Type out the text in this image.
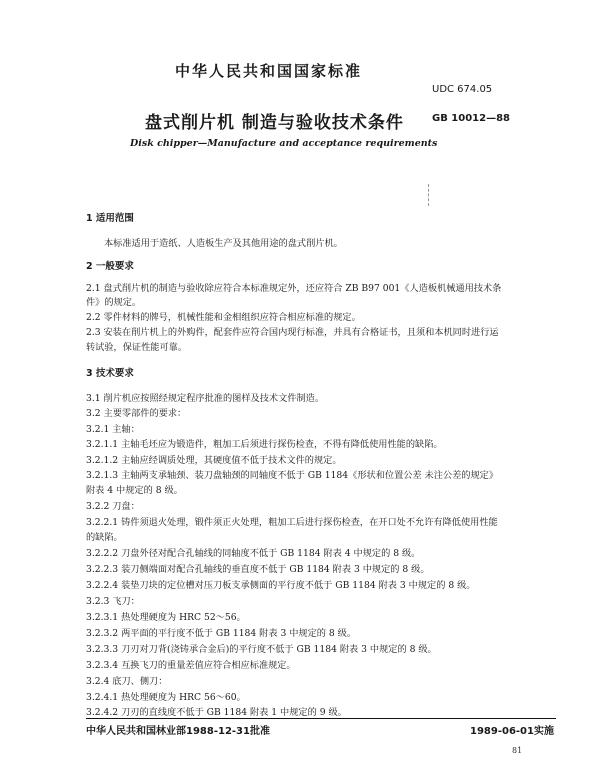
中华人民共和国国家标准
UDC 674.05
盘式削片机 制造与验收技术条件	GB 10012—88
Disk chipper—Manufacture and acceptance requirements
1 适用范围
本标准适用于造纸、人造板生产及其他用途的盘式削片机。
2 一般要求
2.1 盘式削片机的制造与验收除应符合本标准规定外，还应符合 ZB B97 001《人造板机械通用技术条
件》的规定。
2.2 零件材料的牌号，机械性能和金相组织应符合相应标准的规定。
2.3 安装在削片机上的外购件，配套件应符合国内现行标准，并具有合格证书，且须和本机同时进行运
转试验，保证性能可靠。
3 技术要求
3.1 削片机应按照经规定程序批准的图样及技术文件制造。
3.2 主要零部件的要求：
3.2.1 主轴：
3.2.1.1 主轴毛坯应为锻造件，粗加工后须进行探伤检查，不得有降低使用性能的缺陷。
3.2.1.2 主轴应经调质处理，其硬度值不低于技术文件的规定。
3.2.1.3 主轴两支承轴颈、装刀盘轴颈的同轴度不低于 GB 1184《形状和位置公差 未注公差的规定》
附表 4 中规定的 8 级。
3.2.2 刀盘：
3.2.2.1 铸件须退火处理，锻件须正火处理，粗加工后进行探伤检查，在开口处不允许有降低使用性能
的缺陷。
3.2.2.2 刀盘外径对配合孔轴线的同轴度不低于 GB 1184 附表 4 中规定的 8 级。
3.2.2.3 装刀侧端面对配合孔轴线的垂直度不低于 GB 1184 附表 3 中规定的 8 级。
3.2.2.4 装垫刀块的定位槽对压刀板支承侧面的平行度不低于 GB 1184 附表 3 中规定的 8 级。
3.2.3 飞刀：
3.2.3.1 热处理硬度为 HRC 52～56。
3.2.3.2 两平面的平行度不低于 GB 1184 附表 3 中规定的 8 级。
3.2.3.3 刀刃对刀背(浇铸承合金后)的平行度不低于 GB 1184 附表 3 中规定的 8 级。
3.2.3.4 互换飞刀的重量差值应符合相应标准规定。
3.2.4 底刀、侧刀：
3.2.4.1 热处理硬度为 HRC 56～60。
3.2.4.2 刀刃的直线度不低于 GB 1184 附表 1 中规定的 9 级。
中华人民共和国林业部1988-12-31批准	1989-06-01实施
81
